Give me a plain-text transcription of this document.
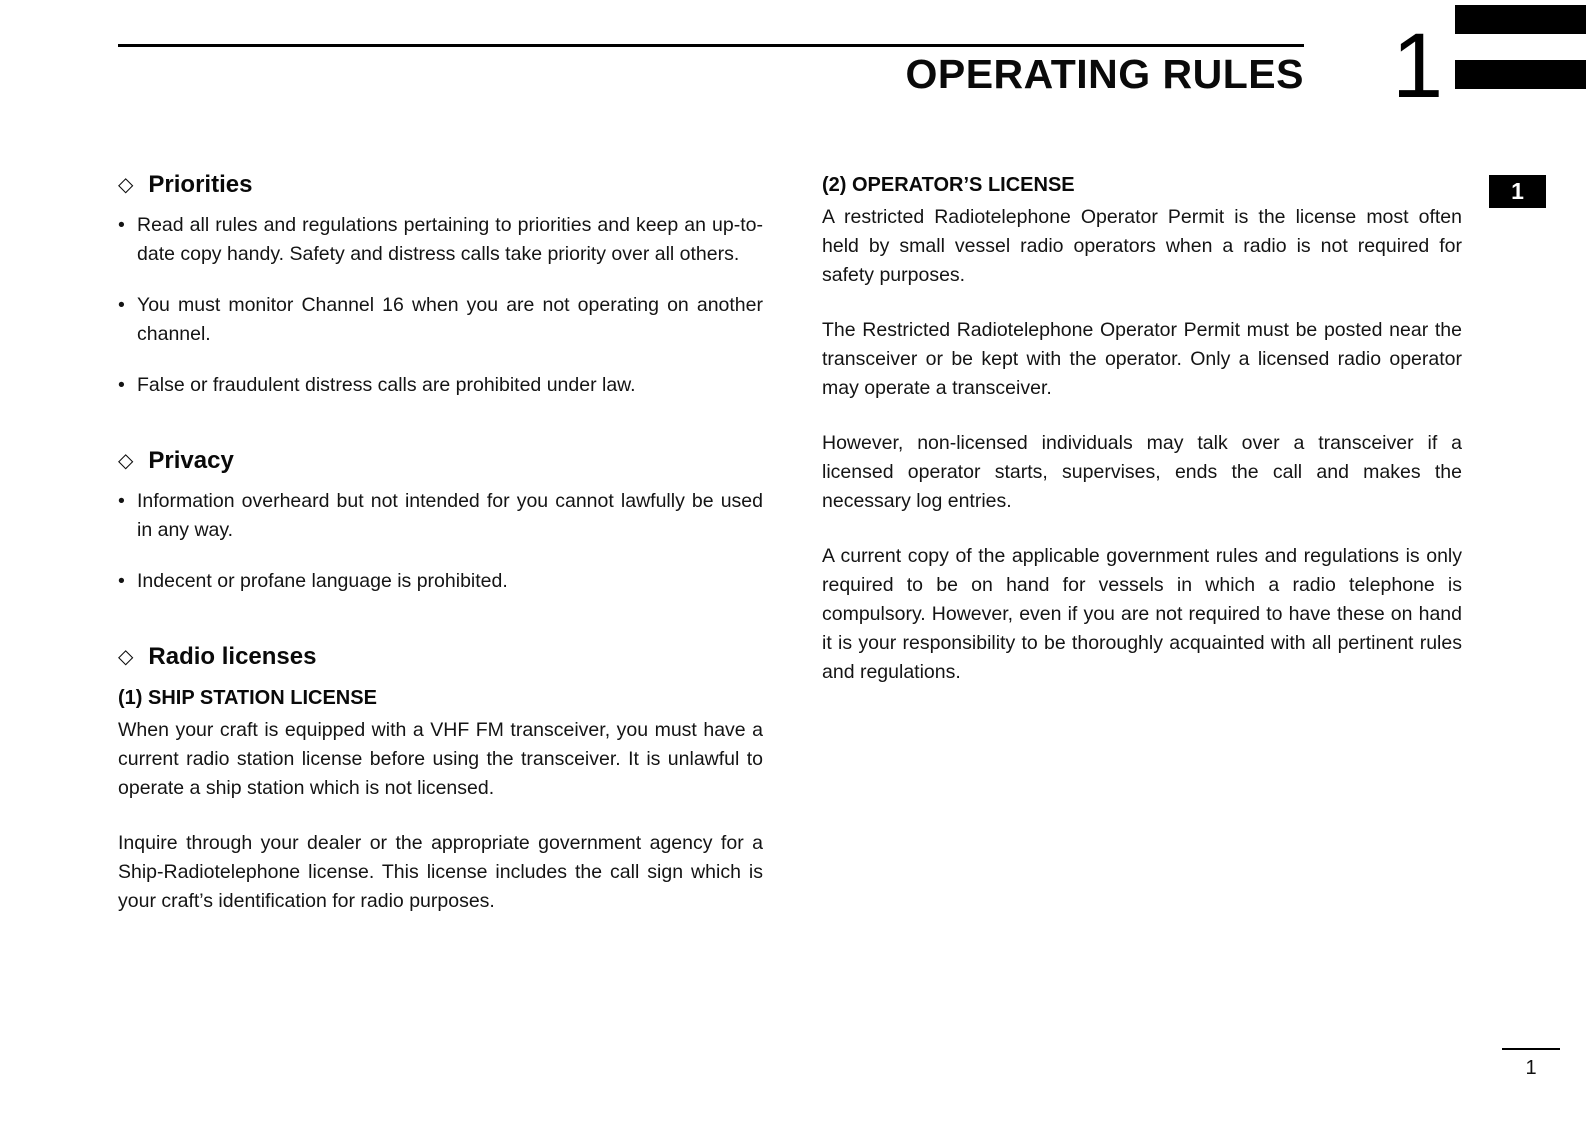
OPERATING RULES 1
1
◇ Priorities
• Read all rules and regulations pertaining to priorities and keep an up-to-date copy handy. Safety and distress calls take priority over all others.
• You must monitor Channel 16 when you are not operating on another channel.
• False or fraudulent distress calls are prohibited under law.
◇ Privacy
• Information overheard but not intended for you cannot lawfully be used in any way.
• Indecent or profane language is prohibited.
◇ Radio licenses
(1) SHIP STATION LICENSE

When your craft is equipped with a VHF FM transceiver, you must have a current radio station license before using the transceiver. It is unlawful to operate a ship station which is not licensed.

Inquire through your dealer or the appropriate government agency for a Ship-Radiotelephone license. This license includes the call sign which is your craft’s identification for radio purposes.

(2) OPERATOR’S LICENSE

A restricted Radiotelephone Operator Permit is the license most often held by small vessel radio operators when a radio is not required for safety purposes.

The Restricted Radiotelephone Operator Permit must be posted near the transceiver or be kept with the operator. Only a licensed radio operator may operate a transceiver.

However, non-licensed individuals may talk over a transceiver if a licensed operator starts, supervises, ends the call and makes the necessary log entries.

A current copy of the applicable government rules and regulations is only required to be on hand for vessels in which a radio telephone is compulsory. However, even if you are not required to have these on hand it is your responsibility to be thoroughly acquainted with all pertinent rules and regulations.

1
